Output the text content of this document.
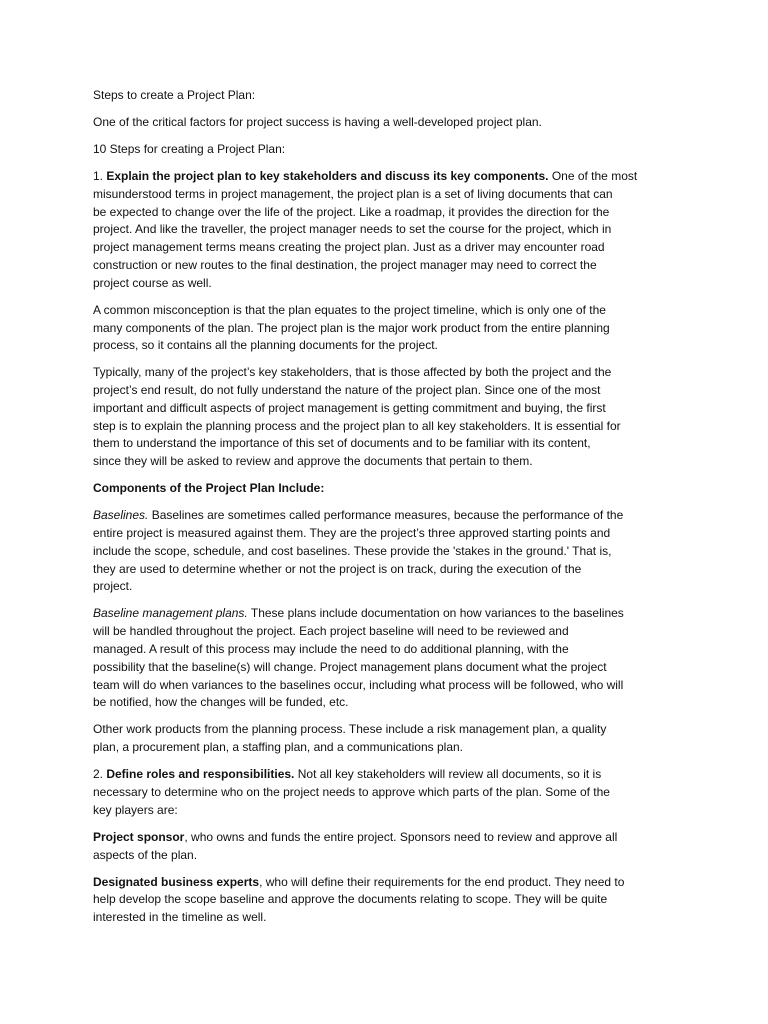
Steps to create a Project Plan:
One of the critical factors for project success is having a well-developed project plan.
10 Steps for creating a Project Plan:
1. Explain the project plan to key stakeholders and discuss its key components. One of the most
misunderstood terms in project management, the project plan is a set of living documents that can
be expected to change over the life of the project. Like a roadmap, it provides the direction for the
project. And like the traveller, the project manager needs to set the course for the project, which in
project management terms means creating the project plan. Just as a driver may encounter road
construction or new routes to the final destination, the project manager may need to correct the
project course as well.
A common misconception is that the plan equates to the project timeline, which is only one of the
many components of the plan. The project plan is the major work product from the entire planning
process, so it contains all the planning documents for the project.
Typically, many of the project’s key stakeholders, that is those affected by both the project and the
project’s end result, do not fully understand the nature of the project plan. Since one of the most
important and difficult aspects of project management is getting commitment and buying, the first
step is to explain the planning process and the project plan to all key stakeholders. It is essential for
them to understand the importance of this set of documents and to be familiar with its content,
since they will be asked to review and approve the documents that pertain to them.
Components of the Project Plan Include:
Baselines. Baselines are sometimes called performance measures, because the performance of the
entire project is measured against them. They are the project’s three approved starting points and
include the scope, schedule, and cost baselines. These provide the 'stakes in the ground.' That is,
they are used to determine whether or not the project is on track, during the execution of the
project.
Baseline management plans. These plans include documentation on how variances to the baselines
will be handled throughout the project. Each project baseline will need to be reviewed and
managed. A result of this process may include the need to do additional planning, with the
possibility that the baseline(s) will change. Project management plans document what the project
team will do when variances to the baselines occur, including what process will be followed, who will
be notified, how the changes will be funded, etc.
Other work products from the planning process. These include a risk management plan, a quality
plan, a procurement plan, a staffing plan, and a communications plan.
2. Define roles and responsibilities. Not all key stakeholders will review all documents, so it is
necessary to determine who on the project needs to approve which parts of the plan. Some of the
key players are:
Project sponsor, who owns and funds the entire project. Sponsors need to review and approve all
aspects of the plan.
Designated business experts, who will define their requirements for the end product. They need to
help develop the scope baseline and approve the documents relating to scope. They will be quite
interested in the timeline as well.
